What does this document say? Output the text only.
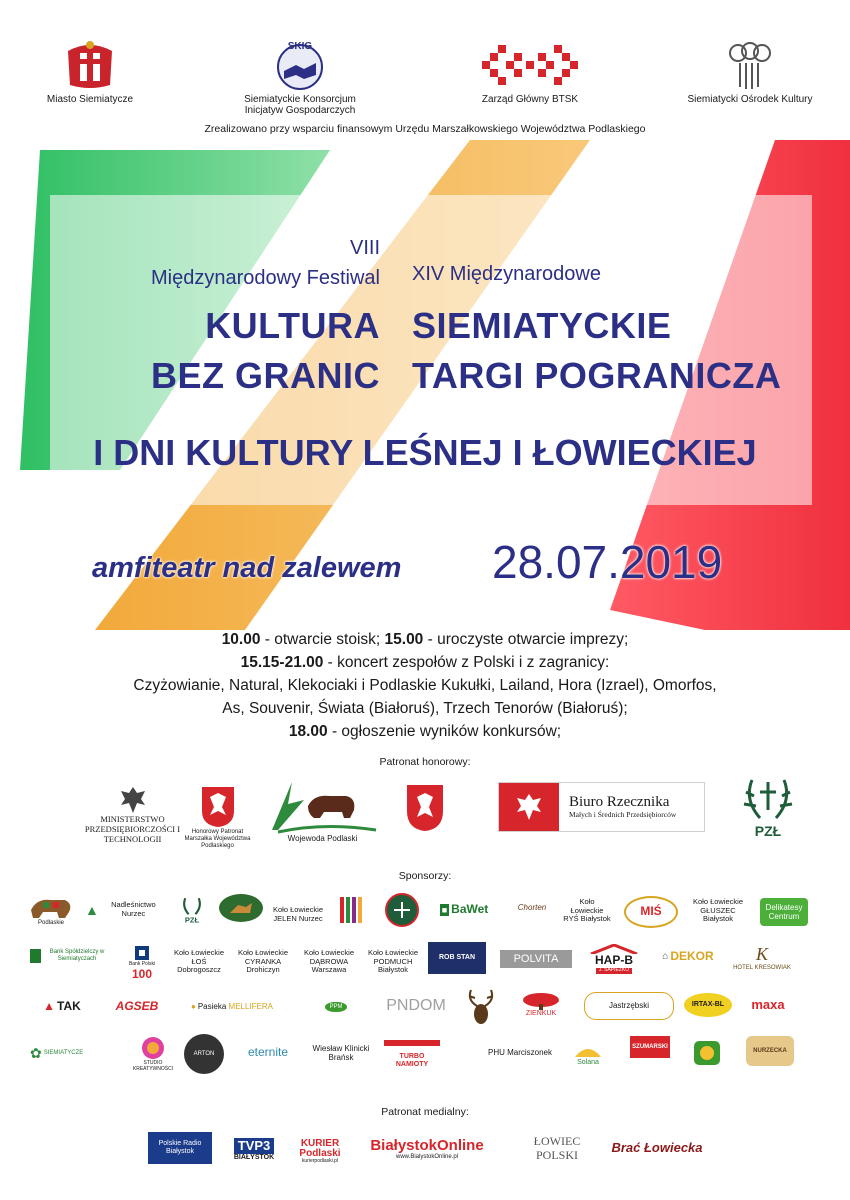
Miasto Siemiatycze
SKIG
Siemiatyckie Konsorcjum Inicjatyw Gospodarczych
Zarząd Główny BTSK	Siemiatycki Ośrodek Kultury
Zrealizowano przy wsparciu finansowym Urzędu Marszałkowskiego Województwa Podlaskiego
VIII
Międzynarodowy Festiwal XIV Międzynarodowe
KULTURA
BEZ GRANIC
SIEMIATYCKIE
TARGI POGRANICZA
I DNI KULTURY LEŚNEJ I ŁOWIECKIEJ
amfiteatr nad zalewem 28.07.2019
10.00 - otwarcie stoisk; 15.00 - uroczyste otwarcie imprezy;
15.15-21.00 - koncert zespołów z Polski i z zagranicy:
Czyżowianie, Natural, Klekociaki i Podlaskie Kukułki, Lailand, Hora (Izrael), Omorfos,
As, Souvenir, Świata (Białoruś), Trzech Tenorów (Białoruś);
18.00 - ogłoszenie wyników konkursów;
Patronat honorowy:
MINISTERSTWO PRZEDSIĘBIORCZOŚCI I TECHNOLOGII
Honorowy Patronat Marszałka Województwa Podlaskiego
Wojewoda Podlaski
Biuro Rzecznika
Małych i Średnich Przedsiębiorców
PZŁ
Sponsorzy:
Podlaskie
▲	Nadleśnictwo Nurzec
PZŁ
Koło Łowieckie JELEN Nurzec
■ BaWet	Chorten
Koło Łowieckie RYŚ Białystok
MIŚ
Koło Łowieckie GŁUSZEC Białystok
Delikatesy Centrum
Bank Spółdzielczy w Siemiatyczach
Bank Polski
100
Koło Łowieckie ŁOŚ Dobrogoszcz
Koło Łowieckie CYRANKA Drohiczyn
Koło Łowieckie DĄBROWA Warszawa
Koło Łowieckie PODMUCH Białystok
ROB STAN	POLVITA	HAP-B
J. SAPIEŻKO
⌂ DEKOR K
HOTEL KRESOWIAK
▲ TAK	AGSEB	● Pasieka
MELLIFERA	PPM	PNDOM	ZIENKUK
Jastrzębski	IRTAX-BL	maxa
✿ SIEMIATYCZE
STUDIO KREATYWNOŚCI
ARTON	eternite	Wiesław Klinicki Brańsk	TURBO NAMIOTY
PHU Marciszonek
Solana
SZUMARSKI
NURZECKA
Patronat medialny:
Polskie Radio Białystok	TVP3
BIAŁYSTOK
KURIER Podlaski
kurierpodlaski.pl
BiałystokOnline
www.BialystokOnline.pl
ŁOWIEC POLSKI
Brać Łowiecka
